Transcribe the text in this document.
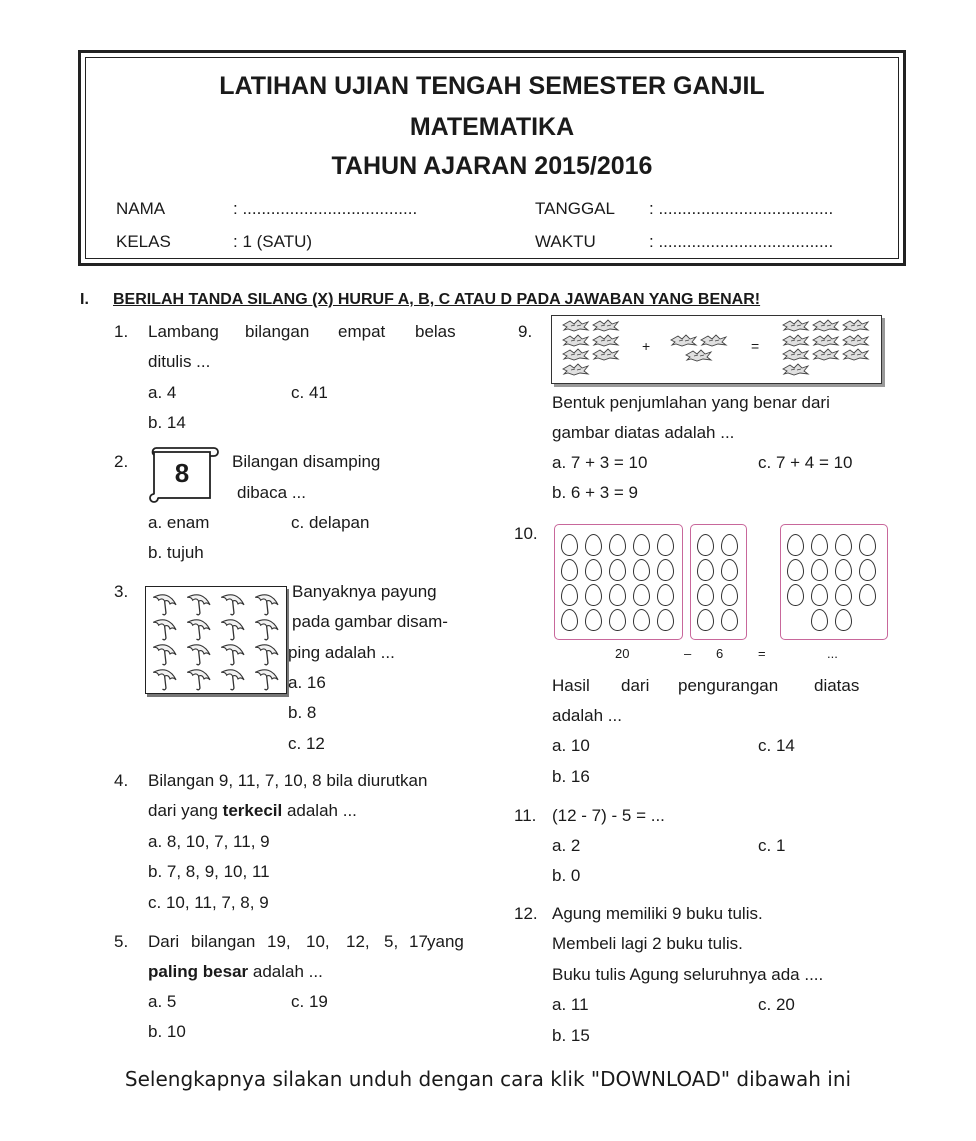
LATIHAN UJIAN TENGAH SEMESTER GANJIL
MATEMATIKA
TAHUN AJARAN 2015/2016
NAMA	: .....................................	TANGGAL : .....................................
KELAS	: 1 (SATU)	WAKTU	: .....................................
I. BERILAH TANDA SILANG (X) HURUF A, B, C ATAU D PADA JAWABAN YANG BENAR!
1. Lambang bilangan empat belas
ditulis ...
a. 4	c. 41
b. 14
2.	8	Bilangan disamping
dibaca ...
a. enam	c. delapan
b. tujuh
3.	Banyaknya payung
pada gambar disam-
ping adalah ...
a. 16
b. 8
c. 12
4. Bilangan 9, 11, 7, 10, 8 bila diurutkan
dari yang terkecil adalah ...
a. 8, 10, 7, 11, 9
b. 7, 8, 9, 10, 11
c. 10, 11, 7, 8, 9
5. Dari bilangan 19, 10, 12, 5, 17 yang
paling besar adalah ...
a. 5	c. 19
b. 10
9.
+	=
Bentuk penjumlahan yang benar dari
gambar diatas adalah ...
a. 7 + 3 = 10	c. 7 + 4 = 10
b. 6 + 3 = 9
10.
20	– 6	=	...
Hasil dari pengurangan diatas
adalah ...
a. 10	c. 14
b. 16
11. (12 - 7) - 5 = ...
a. 2	c. 1
b. 0
12. Agung memiliki 9 buku tulis.
Membeli lagi 2 buku tulis.
Buku tulis Agung seluruhnya ada ....
a. 11	c. 20
b. 15
Selengkapnya silakan unduh dengan cara klik "DOWNLOAD" dibawah ini
